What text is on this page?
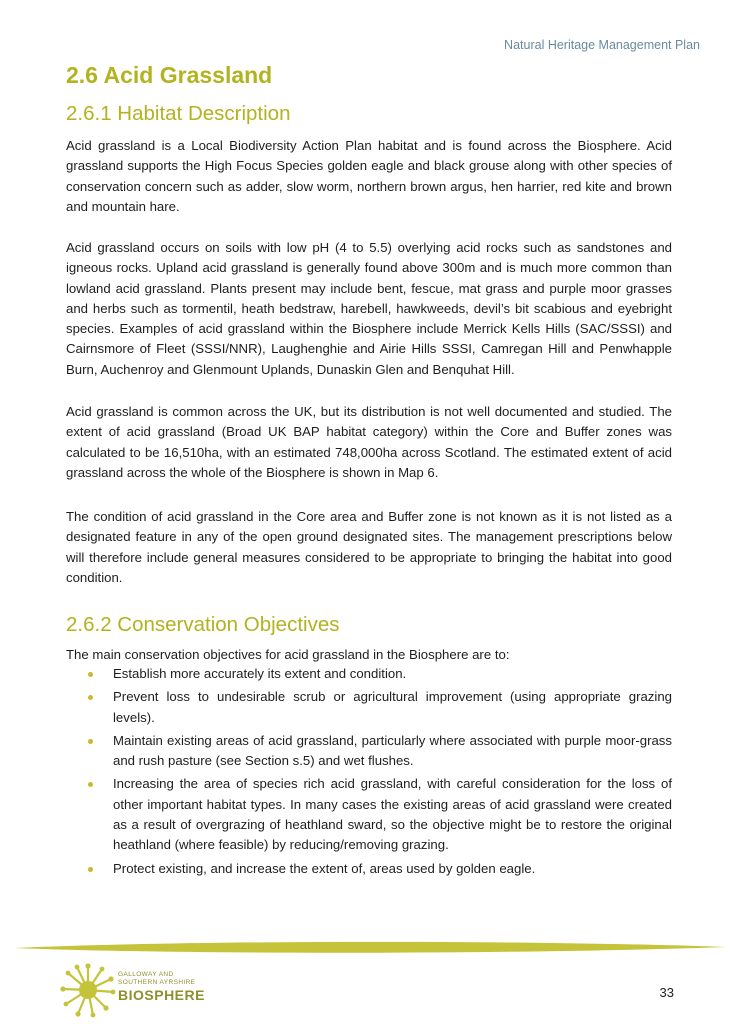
Natural Heritage Management Plan
2.6 Acid Grassland
2.6.1 Habitat Description

Acid grassland is a Local Biodiversity Action Plan habitat and is found across the Biosphere. Acid grassland supports the High Focus Species golden eagle and black grouse along with other species of conservation concern such as adder, slow worm, northern brown argus, hen harrier, red kite and brown and mountain hare.

Acid grassland occurs on soils with low pH (4 to 5.5) overlying acid rocks such as sandstones and igneous rocks. Upland acid grassland is generally found above 300m and is much more common than lowland acid grassland. Plants present may include bent, fescue, mat grass and purple moor grasses and herbs such as tormentil, heath bedstraw, harebell, hawkweeds, devil’s bit scabious and eyebright species. Examples of acid grassland within the Biosphere include Merrick Kells Hills (SAC/SSSI) and Cairnsmore of Fleet (SSSI/NNR), Laughenghie and Airie Hills SSSI, Camregan Hill and Penwhapple Burn, Auchenroy and Glenmount Uplands, Dunaskin Glen and Benquhat Hill.

Acid grassland is common across the UK, but its distribution is not well documented and studied. The extent of acid grassland (Broad UK BAP habitat category) within the Core and Buffer zones was calculated to be 16,510ha, with an estimated 748,000ha across Scotland. The estimated extent of acid grassland across the whole of the Biosphere is shown in Map 6.

The condition of acid grassland in the Core area and Buffer zone is not known as it is not listed as a designated feature in any of the open ground designated sites. The management prescriptions below will therefore include general measures considered to be appropriate to bringing the habitat into good condition.

2.6.2 Conservation Objectives

The main conservation objectives for acid grassland in the Biosphere are to:

Establish more accurately its extent and condition.
Prevent loss to undesirable scrub or agricultural improvement (using appropriate grazing levels).
Maintain existing areas of acid grassland, particularly where associated with purple moor-grass and rush pasture (see Section s.5) and wet flushes.
Increasing the area of species rich acid grassland, with careful consideration for the loss of other important habitat types. In many cases the existing areas of acid grassland were created as a result of overgrazing of heathland sward, so the objective might be to restore the original heathland (where feasible) by reducing/removing grazing.
Protect existing, and increase the extent of, areas used by golden eagle.
GALLOWAY AND
SOUTHERN AYRSHIRE
BIOSPHERE	33
